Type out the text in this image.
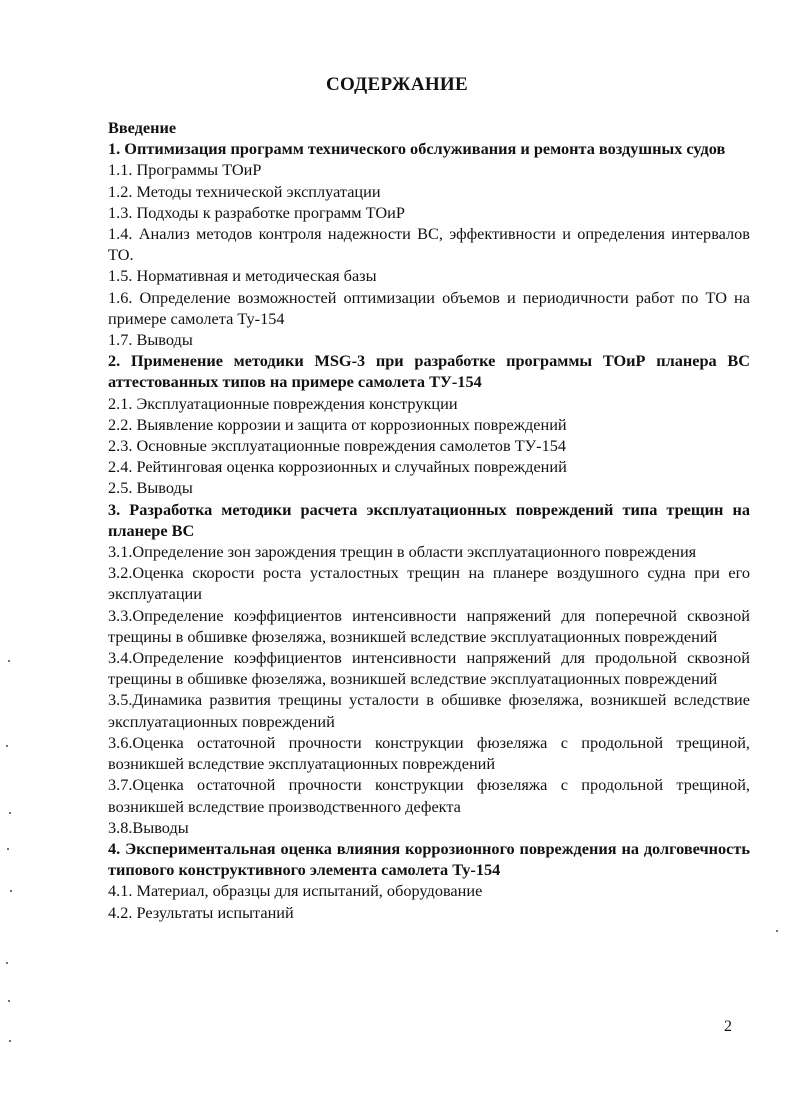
СОДЕРЖАНИЕ
Введение
1. Оптимизация программ технического обслуживания и ремонта воздушных судов
1.1. Программы ТОиР
1.2. Методы технической эксплуатации
1.3. Подходы к разработке программ ТОиР
1.4. Анализ методов контроля надежности ВС, эффективности и определения интервалов ТО.
1.5. Нормативная и методическая базы
1.6. Определение возможностей оптимизации объемов и периодичности работ по ТО на примере самолета Ту-154
1.7. Выводы
2. Применение методики MSG-3 при разработке программы ТОиР планера ВС аттестованных типов на примере самолета ТУ-154
2.1. Эксплуатационные повреждения конструкции
2.2. Выявление коррозии и защита от коррозионных повреждений
2.3. Основные эксплуатационные повреждения самолетов ТУ-154
2.4. Рейтинговая оценка коррозионных и случайных повреждений
2.5. Выводы
3. Разработка методики расчета эксплуатационных повреждений типа трещин на планере ВС
3.1.Определение зон зарождения трещин в области эксплуатационного повреждения
3.2.Оценка скорости роста усталостных трещин на планере воздушного судна при его эксплуатации
3.3.Определение коэффициентов интенсивности напряжений для поперечной сквозной трещины в обшивке фюзеляжа, возникшей вследствие эксплуатационных повреждений
3.4.Определение коэффициентов интенсивности напряжений для продольной сквозной трещины в обшивке фюзеляжа, возникшей вследствие эксплуатационных повреждений
3.5.Динамика развития трещины усталости в обшивке фюзеляжа, возникшей вследствие эксплуатационных повреждений
3.6.Оценка остаточной прочности конструкции фюзеляжа с продольной трещиной, возникшей вследствие эксплуатационных повреждений
3.7.Оценка остаточной прочности конструкции фюзеляжа с продольной трещиной, возникшей вследствие производственного дефекта
3.8.Выводы
4. Экспериментальная оценка влияния коррозионного повреждения на долговечность типового конструктивного элемента самолета Ту-154
4.1. Материал, образцы для испытаний, оборудование
4.2. Результаты испытаний
2
